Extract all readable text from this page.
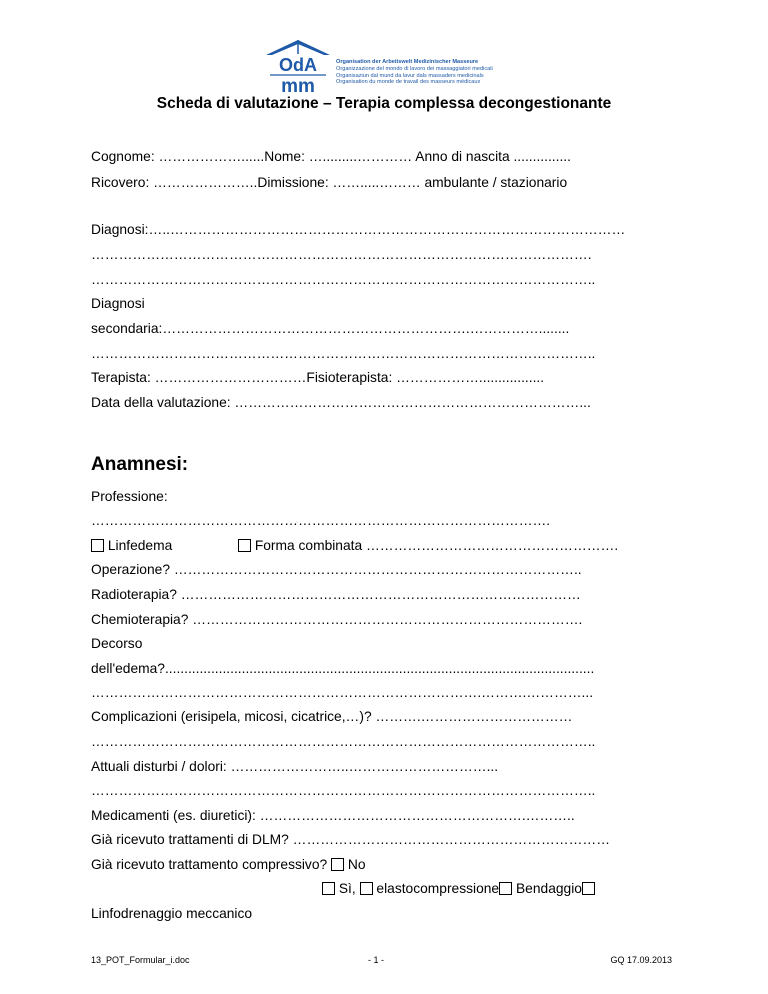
OdA
mm
Organisation der Arbeitswelt Medizinischer Masseure
Organizzazione del mondo di lavoro dei massaggiatori medicali
Organisaziun dal mund da lavur dals massaders medicinals
Organisation du monde de travail des masseurs médicaux
Scheda di valutazione – Terapia complessa decongestionante
Cognome: ………………......Nome: ….........………… Anno di nascita ...............
Ricovero: …………………..Dimissione: …….....……… ambulante / stazionario
Diagnosi:…..………………………………………………………………………………………
……………………………………………………………………………………………….
………………………………………………………………………………………………..
Diagnosi
secondaria:………………………………………………………….……………........
………………………………………………………………………………………………..
Terapista: ……………………………Fisioterapista: ……………….................
Data della valutazione: …………………………………………………………………...
Anamnesi:
Professione:
……………………………………………………………………………………….
Linfedema	Forma combinata ……………………………………………….
Operazione? ……………………………………………………………………………..
Radioterapia? ……………………………………………………………………………
Chemioterapia? ………………………………………………………………………….
Decorso
dell'edema?................................................................................................................
………………………………………………………………………….……….…………...
Complicazioni (erisipela, micosi, cicatrice,…)? ……….……………………………
………………………………………………………………………………………………..
Attuali disturbi / dolori: ……………………..…………………………...
………………………………………………………………………………………………..
Medicamenti (es. diuretici): ………………………………………………….………..
Già ricevuto trattamenti di DLM? ……………………………………………………………
Già ricevuto trattamento compressivo? No
Sì, elastocompressione Bendaggio
Linfodrenaggio meccanico
13_POT_Formular_i.doc	- 1 -	GQ 17.09.2013
